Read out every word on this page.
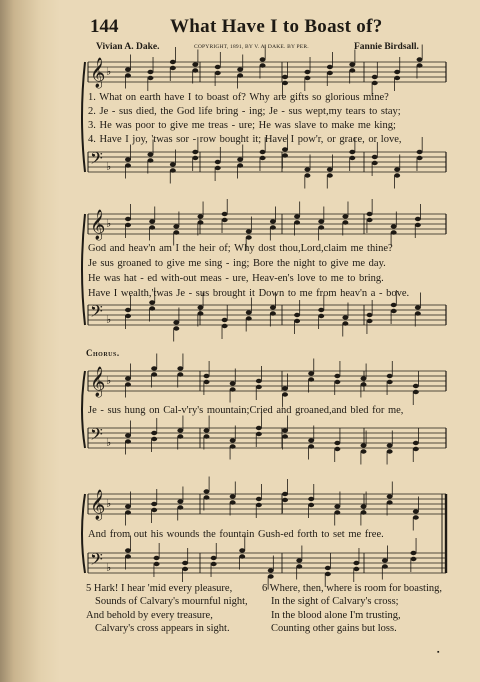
144	What Have I to Boast of?
Vivian A. Dake.	COPYRIGHT, 1891, BY V. A. DAKE. BY PER.	Fannie Birdsall.
𝄞 ♭
𝄢 ♭
𝄞 ♭
𝄢 ♭
𝄞 ♭
𝄢 ♭
𝄞 ♭
𝄢 ♭
1. What on earth have I to boast of? Why are gifts so glorious mine?
2. Je - sus died, the God life bring - ing; Je - sus wept,my tears to stay;
3. He was poor to give me treas - ure; He was slave to make me king;
4. Have I joy, 'twas sor - row bought it; Have I pow'r, or grace, or love,
God and heav'n am I the heir of; Why dost thou,Lord,claim me thine?
Je sus groaned to give me sing - ing; Bore the night to give me day.
He was hat - ed with-out meas - ure, Heav-en's love to me to bring.
Have I wealth,'twas Je - sus brought it Down to me from heav'n a - bove.
Chorus.
Je - sus hung on Cal-v'ry's mountain;Cried and groaned,and bled for me,
And from out his wounds the fountain Gush-ed forth to set me free.
5 Hark! I hear 'mid every pleasure,
Sounds of Calvary's mournful night,
And behold by every treasure,
Calvary's cross appears in sight.
6 Where, then, where is room for boasting,
In the sight of Calvary's cross;
In the blood alone I'm trusting,
Counting other gains but loss.
▪
